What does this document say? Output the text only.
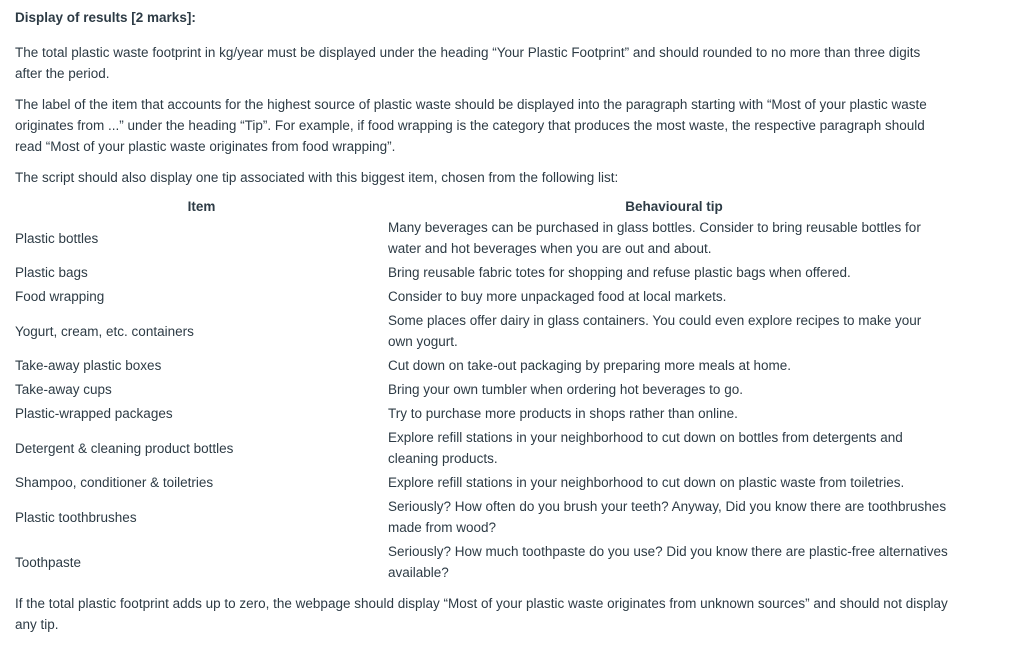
Display of results [2 marks]:

The total plastic waste footprint in kg/year must be displayed under the heading “Your Plastic Footprint” and should rounded to no more than three digits after the period.

The label of the item that accounts for the highest source of plastic waste should be displayed into the paragraph starting with “Most of your plastic waste originates from ...” under the heading “Tip”. For example, if food wrapping is the category that produces the most waste, the respective paragraph should read “Most of your plastic waste originates from food wrapping”.

The script should also display one tip associated with this biggest item, chosen from the following list:

Item	Behavioural tip
Plastic bottles	Many beverages can be purchased in glass bottles. Consider to bring reusable bottles for water and hot beverages when you are out and about.
Plastic bags	Bring reusable fabric totes for shopping and refuse plastic bags when offered.
Food wrapping	Consider to buy more unpackaged food at local markets.
Yogurt, cream, etc. containers	Some places offer dairy in glass containers. You could even explore recipes to make your own yogurt.
Take-away plastic boxes	Cut down on take-out packaging by preparing more meals at home.
Take-away cups	Bring your own tumbler when ordering hot beverages to go.
Plastic-wrapped packages	Try to purchase more products in shops rather than online.
Detergent & cleaning product bottles	Explore refill stations in your neighborhood to cut down on bottles from detergents and cleaning products.
Shampoo, conditioner & toiletries	Explore refill stations in your neighborhood to cut down on plastic waste from toiletries.
Plastic toothbrushes	Seriously? How often do you brush your teeth? Anyway, Did you know there are toothbrushes made from wood?
Toothpaste	Seriously? How much toothpaste do you use? Did you know there are plastic-free alternatives available?

If the total plastic footprint adds up to zero, the webpage should display “Most of your plastic waste originates from unknown sources” and should not display any tip.
